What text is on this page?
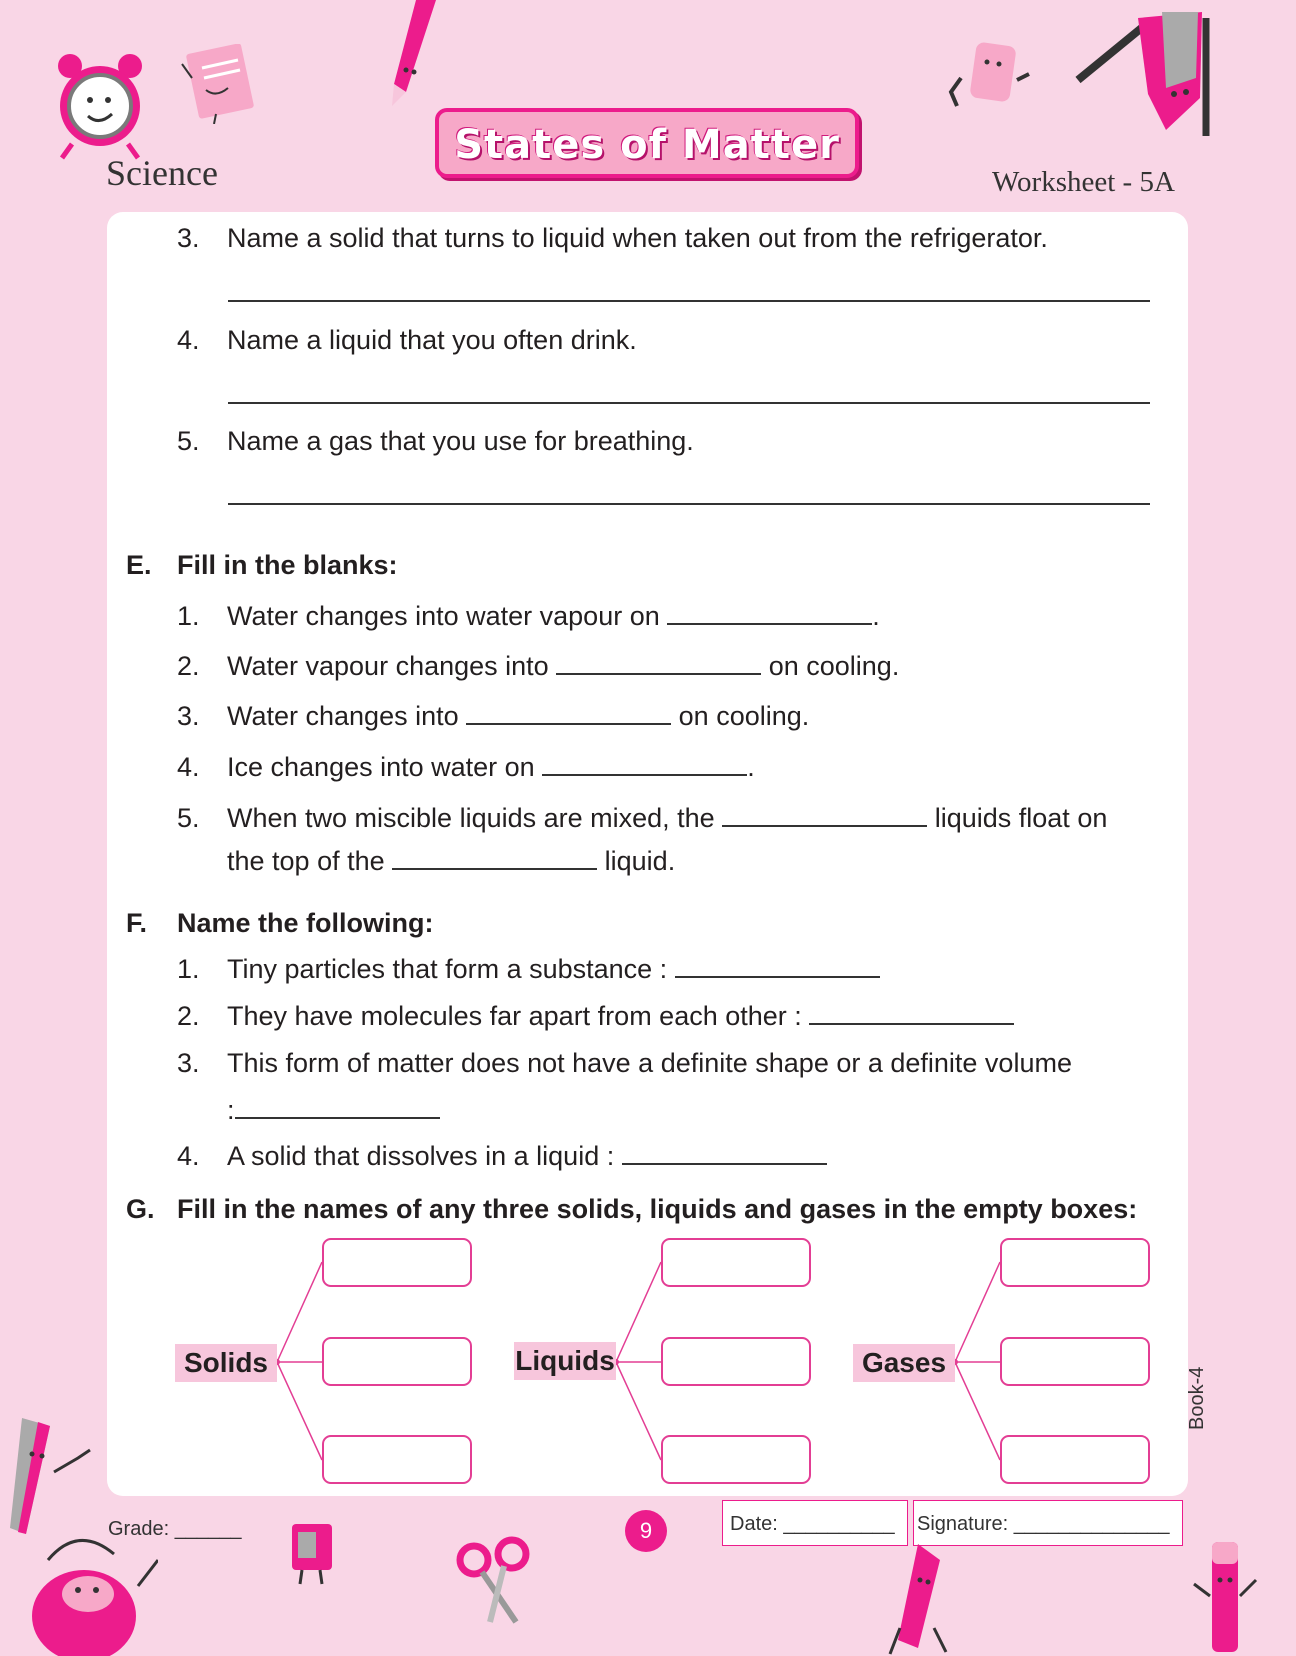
Science
States of Matter
Worksheet - 5A
3. Name a solid that turns to liquid when taken out from the refrigerator.
4. Name a liquid that you often drink.
5. Name a gas that you use for breathing.
E. Fill in the blanks:
1. Water changes into water vapour on	.
2. Water vapour changes into	on cooling.
3. Water changes into	on cooling.
4. Ice changes into water on	.
5. When two miscible liquids are mixed, the	liquids float on
the top of the	liquid.
F. Name the following:
1. Tiny particles that form a substance :
2. They have molecules far apart from each other :
3. This form of matter does not have a definite shape or a definite volume
:
4. A solid that dissolves in a liquid :
G. Fill in the names of any three solids, liquids and gases in the empty boxes:
Solids	Liquids	Gases
Book-4
Grade: ______	9	Date: __________ Signature: ______________
